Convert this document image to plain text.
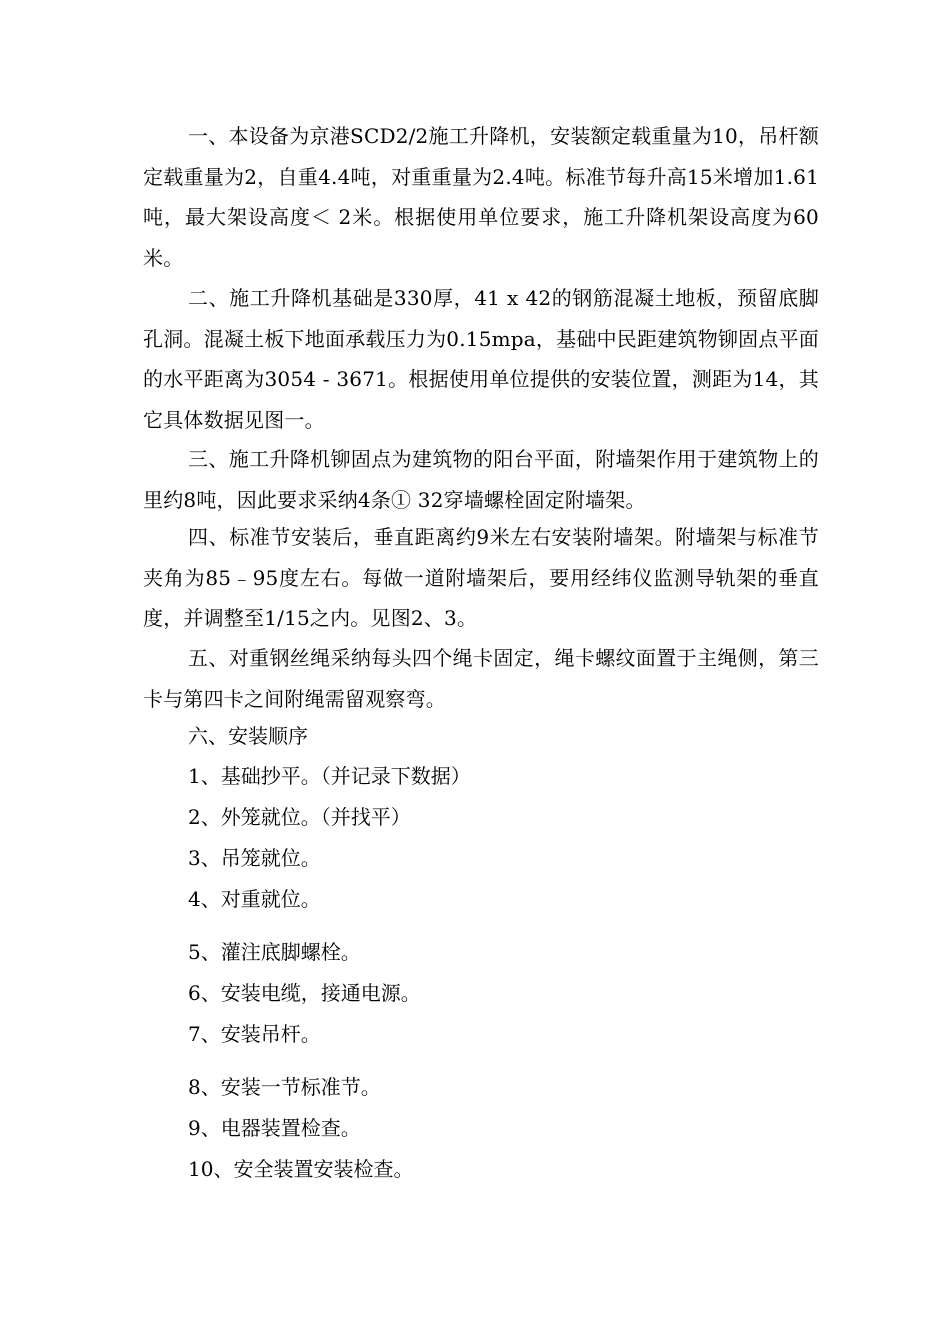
一、本设备为京港SCD2/2施工升降机，安装额定载重量为10，吊杆额定载重量为2，自重4.4吨，对重重量为2.4吨。标准节每升高15米增加1.61吨，最大架设高度＜ 2米。根据使用单位要求，施工升降机架设高度为60米。

二、施工升降机基础是330厚，41 x 42的钢筋混凝土地板，预留底脚孔洞。混凝土板下地面承载压力为0.15mpa，基础中民距建筑物铆固点平面的水平距离为3054 - 3671。根据使用单位提供的安装位置，测距为14，其它具体数据见图一。

三、施工升降机铆固点为建筑物的阳台平面，附墙架作用于建筑物上的里约8吨，因此要求采纳4条① 32穿墙螺栓固定附墙架。

四、标准节安装后，垂直距离约9米左右安装附墙架。附墙架与标准节夹角为85﹣95度左右。每做一道附墙架后，要用经纬仪监测导轨架的垂直度，并调整至1/15之内。见图2、3。

五、对重钢丝绳采纳每头四个绳卡固定，绳卡螺纹面置于主绳侧，第三卡与第四卡之间附绳需留观察弯。

六、安装顺序

1、基础抄平。（并记录下数据）

2、外笼就位。（并找平）

3、吊笼就位。

4、对重就位。

5、灌注底脚螺栓。

6、安装电缆，接通电源。

7、安装吊杆。

8、安装一节标准节。

9、电器装置检查。

10、安全装置安装检查。
